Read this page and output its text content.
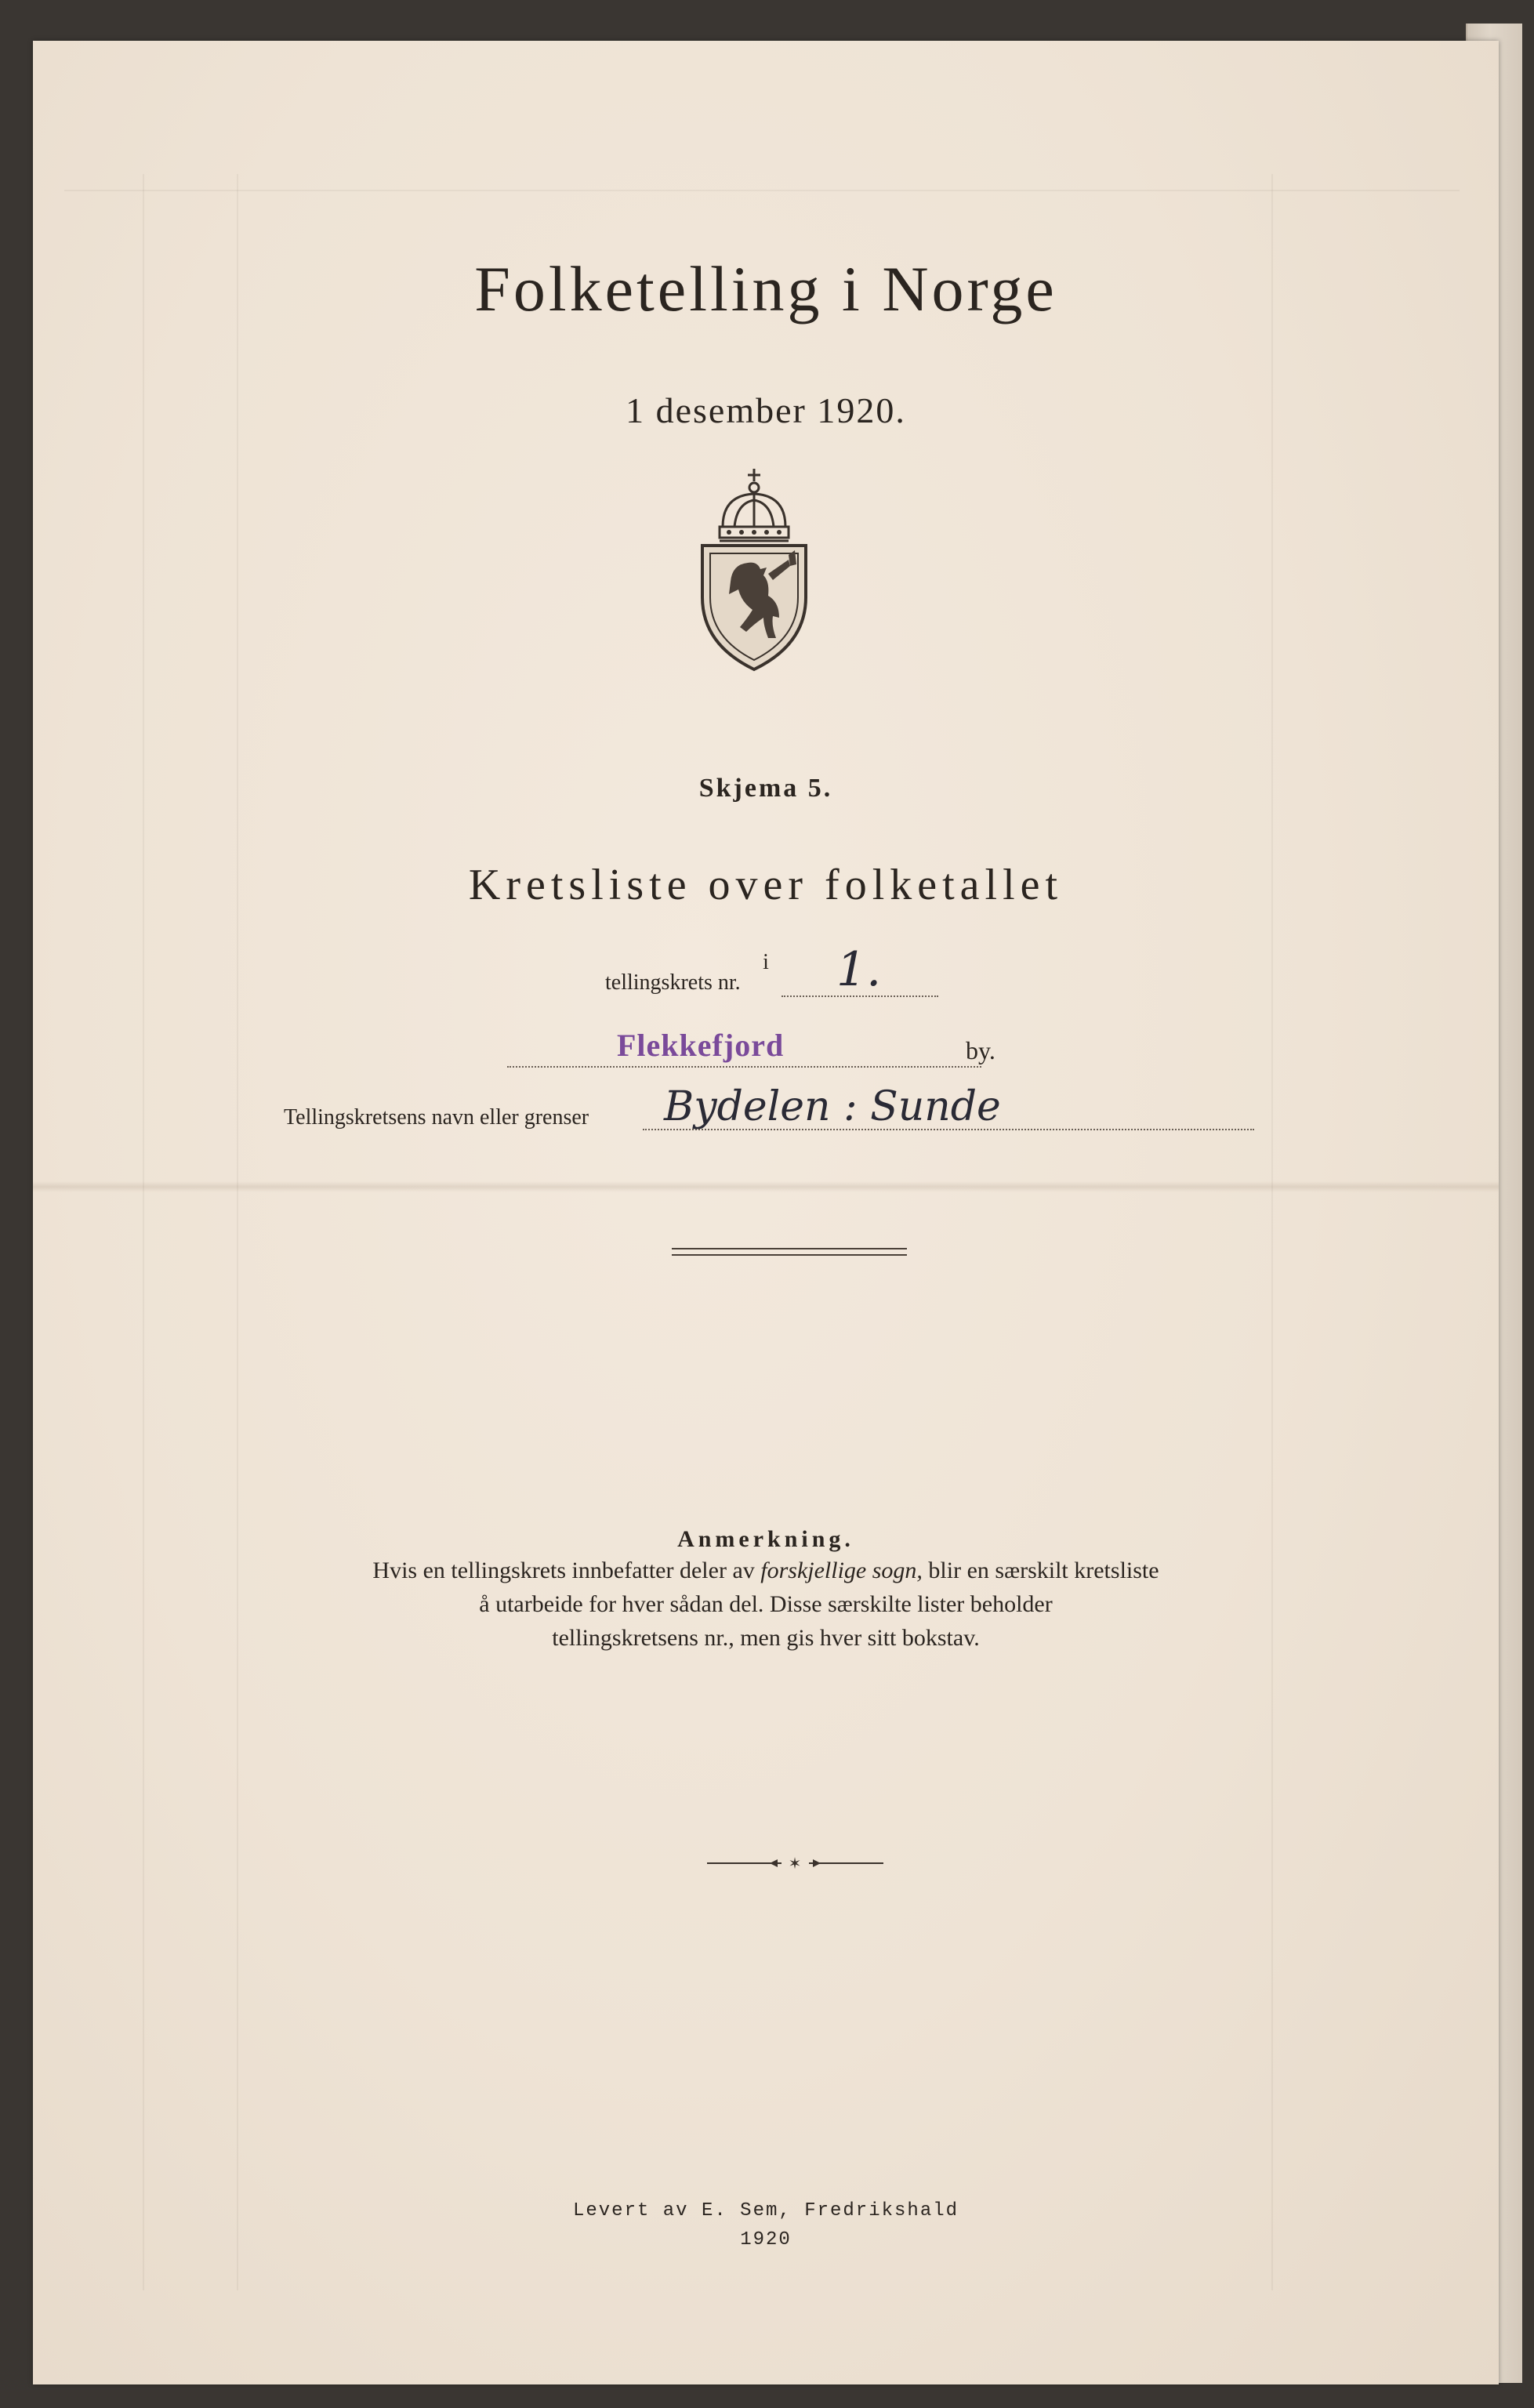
Folketelling i Norge
1 desember 1920.
Skjema 5.
Kretsliste over folketallet
i
tellingskrets nr. 1.
Flekkefjord	by.
Tellingskretsens navn eller grenser Bydelen : Sunde
Anmerkning.
Hvis en tellingskrets innbefatter deler av forskjellige sogn, blir en særskilt kretsliste
å utarbeide for hver sådan del. Disse særskilte lister beholder
tellingskretsens nr., men gis hver sitt bokstav.
✶
Levert av E. Sem, Fredrikshald
1920
